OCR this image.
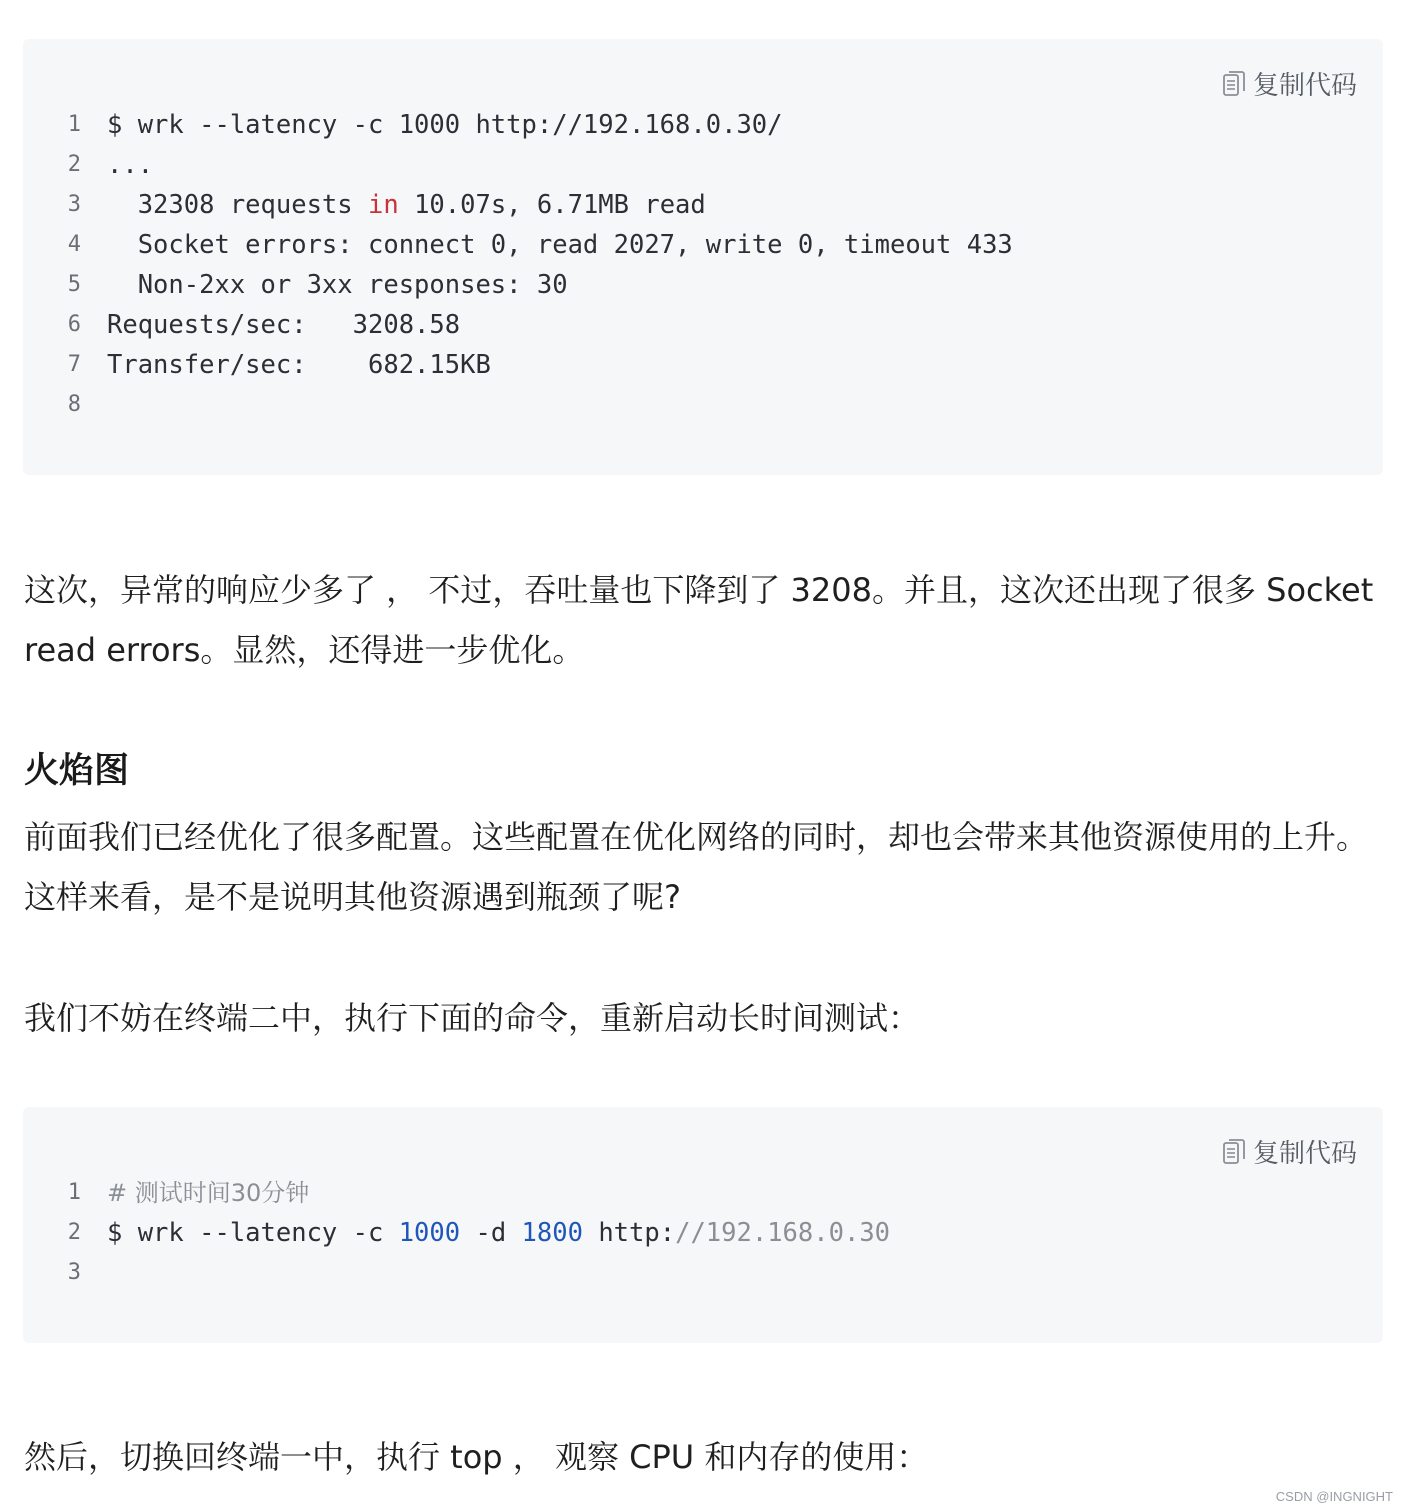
复制代码
1	$ wrk --latency -c 1000 http://192.168.0.30/
2	...
3	32308 requests in 10.07s, 6.71MB read
4	Socket errors: connect 0, read 2027, write 0, timeout 433
5	Non-2xx or 3xx responses: 30
6	Requests/sec:   3208.58
7	Transfer/sec:    682.15KB
8
这次，异常的响应少多了 ， 不过，吞吐量也下降到了 3208。并且，这次还出现了很多 Socket read errors。显然，还得进一步优化。
火焰图
前面我们已经优化了很多配置。这些配置在优化网络的同时，却也会带来其他资源使用的上升。这样来看，是不是说明其他资源遇到瓶颈了呢?
我们不妨在终端二中，执行下面的命令，重新启动长时间测试：
复制代码
1	# 测试时间30分钟
2	$ wrk --latency -c 1000 -d 1800 http://192.168.0.30
3
然后，切换回终端一中，执行 top ， 观察 CPU 和内存的使用：
CSDN @INGNIGHT
